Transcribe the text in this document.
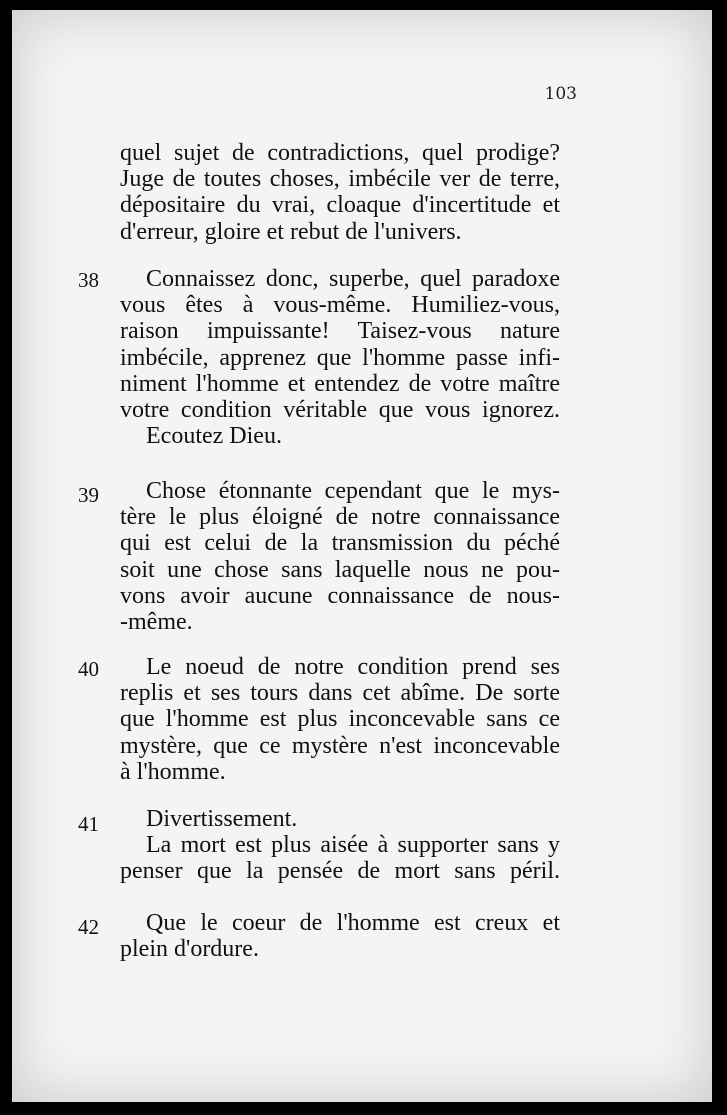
103

quel sujet de contradictions, quel prodige?
Juge de toutes choses, imbécile ver de terre,
dépositaire du vrai, cloaque d'incertitude et
d'erreur, gloire et rebut de l'univers.
38	Connaissez donc, superbe, quel paradoxe
vous êtes à vous-même. Humiliez-vous,
raison impuissante! Taisez-vous nature
imbécile, apprenez que l'homme passe infi-
niment l'homme et entendez de votre maître
votre condition véritable que vous ignorez.
Ecoutez Dieu.
39	Chose étonnante cependant que le mys-
tère le plus éloigné de notre connaissance
qui est celui de la transmission du péché
soit une chose sans laquelle nous ne pou-
vons avoir aucune connaissance de nous-
-même.
40	Le noeud de notre condition prend ses
replis et ses tours dans cet abîme. De sorte
que l'homme est plus inconcevable sans ce
mystère, que ce mystère n'est inconcevable
à l'homme.
41	Divertissement.
La mort est plus aisée à supporter sans y
penser que la pensée de mort sans péril.
42	Que le coeur de l'homme est creux et
plein d'ordure.
